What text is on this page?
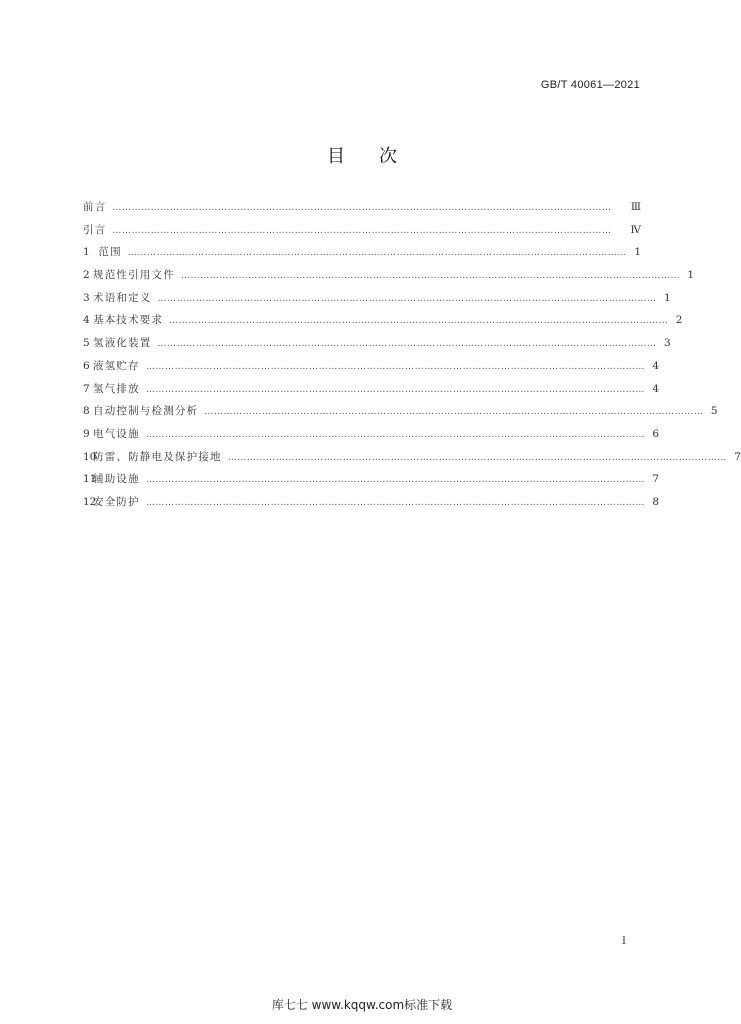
GB/T 40061—2021
目次
前言 …………………………………………………………………………………………………………………………………………	Ⅲ
引言 …………………………………………………………………………………………………………………………………………	Ⅳ
1 范围 ………………………………………………………………………………………………………………………………………… 1
2 规范性引用文件 ………………………………………………………………………………………………………………………………………… 1
3 术语和定义 ………………………………………………………………………………………………………………………………………… 1
4 基本技术要求 ………………………………………………………………………………………………………………………………………… 2
5 氢液化装置 ………………………………………………………………………………………………………………………………………… 3
6 液氢贮存 ………………………………………………………………………………………………………………………………………… 4
7 氢气排放 ………………………………………………………………………………………………………………………………………… 4
8 自动控制与检测分析 ………………………………………………………………………………………………………………………………………… 5
9 电气设施 ………………………………………………………………………………………………………………………………………… 6
10
防雷、防静电及保护接地 ………………………………………………………………………………………………………………………………………… 7
11
辅助设施 ………………………………………………………………………………………………………………………………………… 7
12
安全防护 ………………………………………………………………………………………………………………………………………… 8
I
库七七 www.kqqw.com标准下载
